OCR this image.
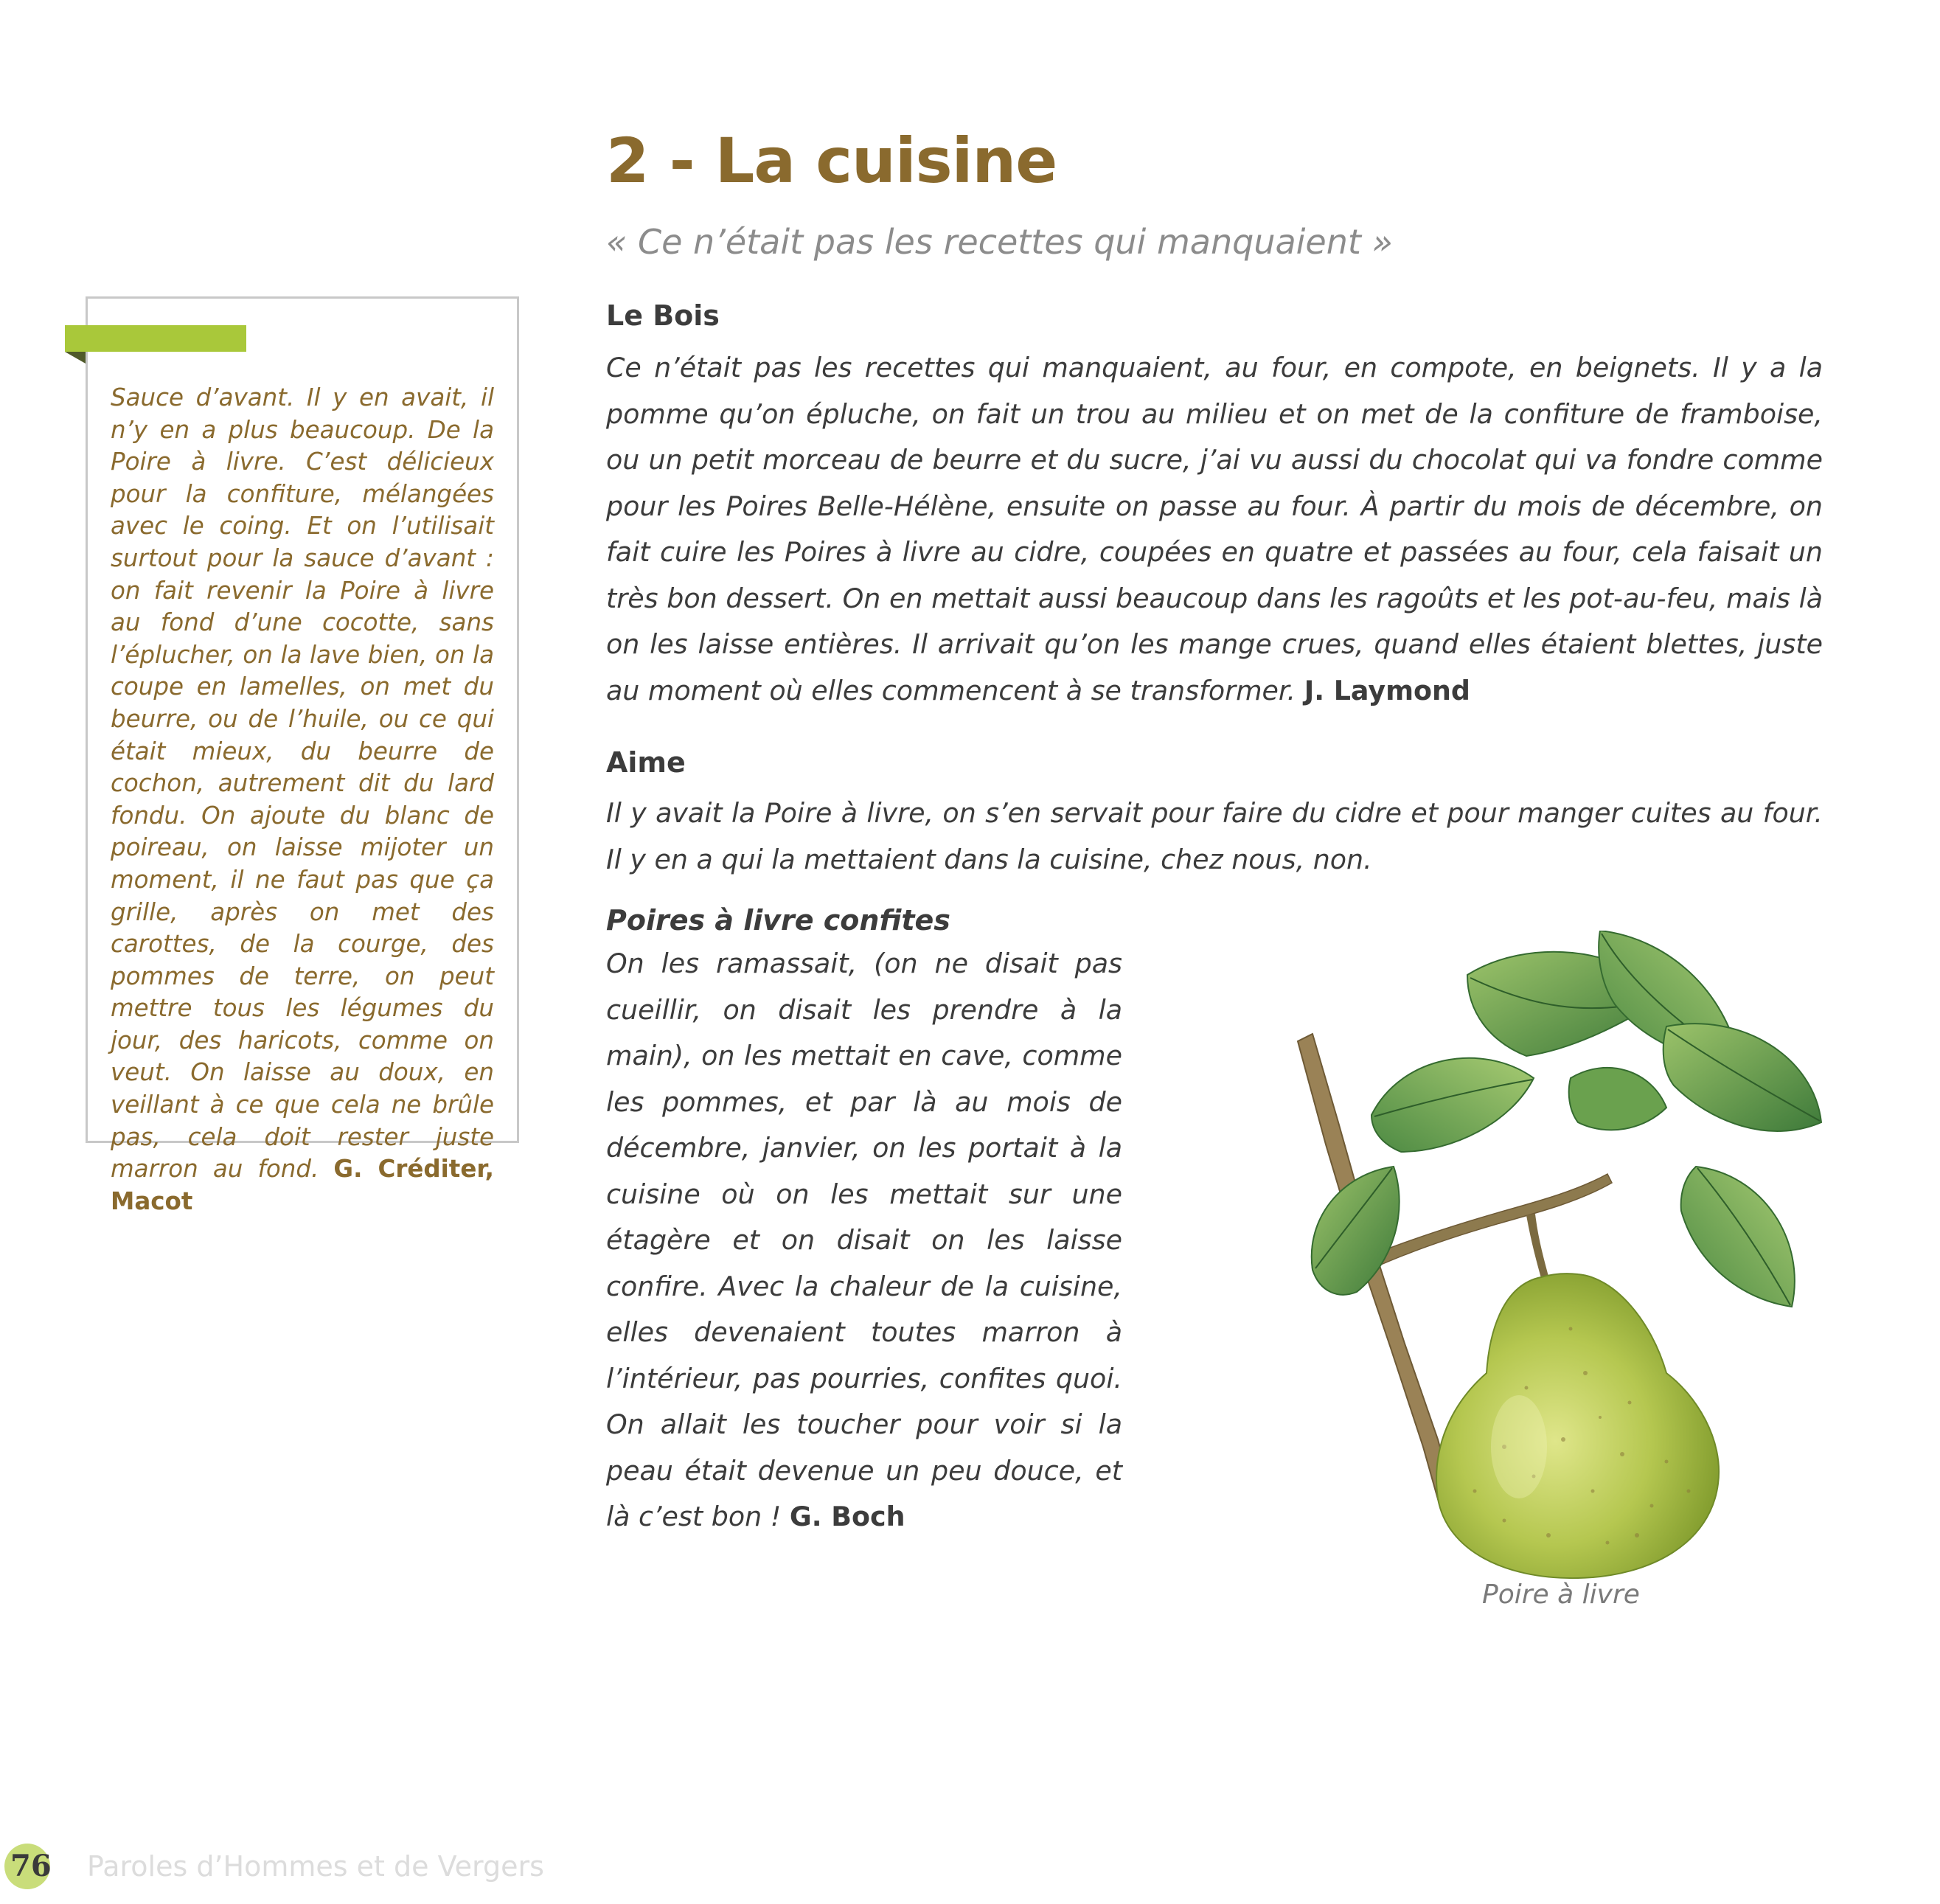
Sauce d’avant. Il y en avait, il n’y en a plus beaucoup. De la Poire à livre. C’est délicieux pour la confiture, mélangées avec le coing. Et on l’utilisait surtout pour la sauce d’avant : on fait revenir la Poire à livre au fond d’une cocotte, sans l’éplucher, on la lave bien, on la coupe en lamelles, on met du beurre, ou de l’huile, ou ce qui était mieux, du beurre de cochon, autrement dit du lard fondu. On ajoute du blanc de poireau, on laisse mijoter un moment, il ne faut pas que ça grille, après on met des carottes, de la courge, des pommes de terre, on peut mettre tous les légumes du jour, des haricots, comme on veut. On laisse au doux, en veillant à ce que cela ne brûle pas, cela doit rester juste marron au fond. G. Créditer, Macot

2 - La cuisine

« Ce n’était pas les recettes qui manquaient »

Le Bois

Ce n’était pas les recettes qui manquaient, au four, en compote, en beignets. Il y a la pomme qu’on épluche, on fait un trou au milieu et on met de la confiture de framboise, ou un petit morceau de beurre et du sucre, j’ai vu aussi du chocolat qui va fondre comme pour les Poires Belle-Hélène, ensuite on passe au four. À partir du mois de décembre, on fait cuire les Poires à livre au cidre, coupées en quatre et passées au four, cela faisait un très bon dessert. On en mettait aussi beaucoup dans les ragoûts et les pot-au-feu, mais là on les laisse entières. Il arrivait qu’on les mange crues, quand elles étaient blettes, juste au moment où elles commencent à se transformer. J. Laymond

Aime

Il y avait la Poire à livre, on s’en servait pour faire du cidre et pour manger cuites au four. Il y en a qui la mettaient dans la cuisine, chez nous, non.

Poires à livre confites

On les ramassait, (on ne disait pas cueillir, on disait les prendre à la main), on les mettait en cave, comme les pommes, et par là au mois de décembre, janvier, on les portait à la cuisine où on les mettait sur une étagère et on disait on les laisse confire. Avec la chaleur de la cuisine, elles devenaient toutes marron à l’intérieur, pas pourries, confites quoi. On allait les toucher pour voir si la peau était devenue un peu douce, et là c’est bon ! G. Boch

Poire à livre

76 Paroles d’Hommes et de Vergers
